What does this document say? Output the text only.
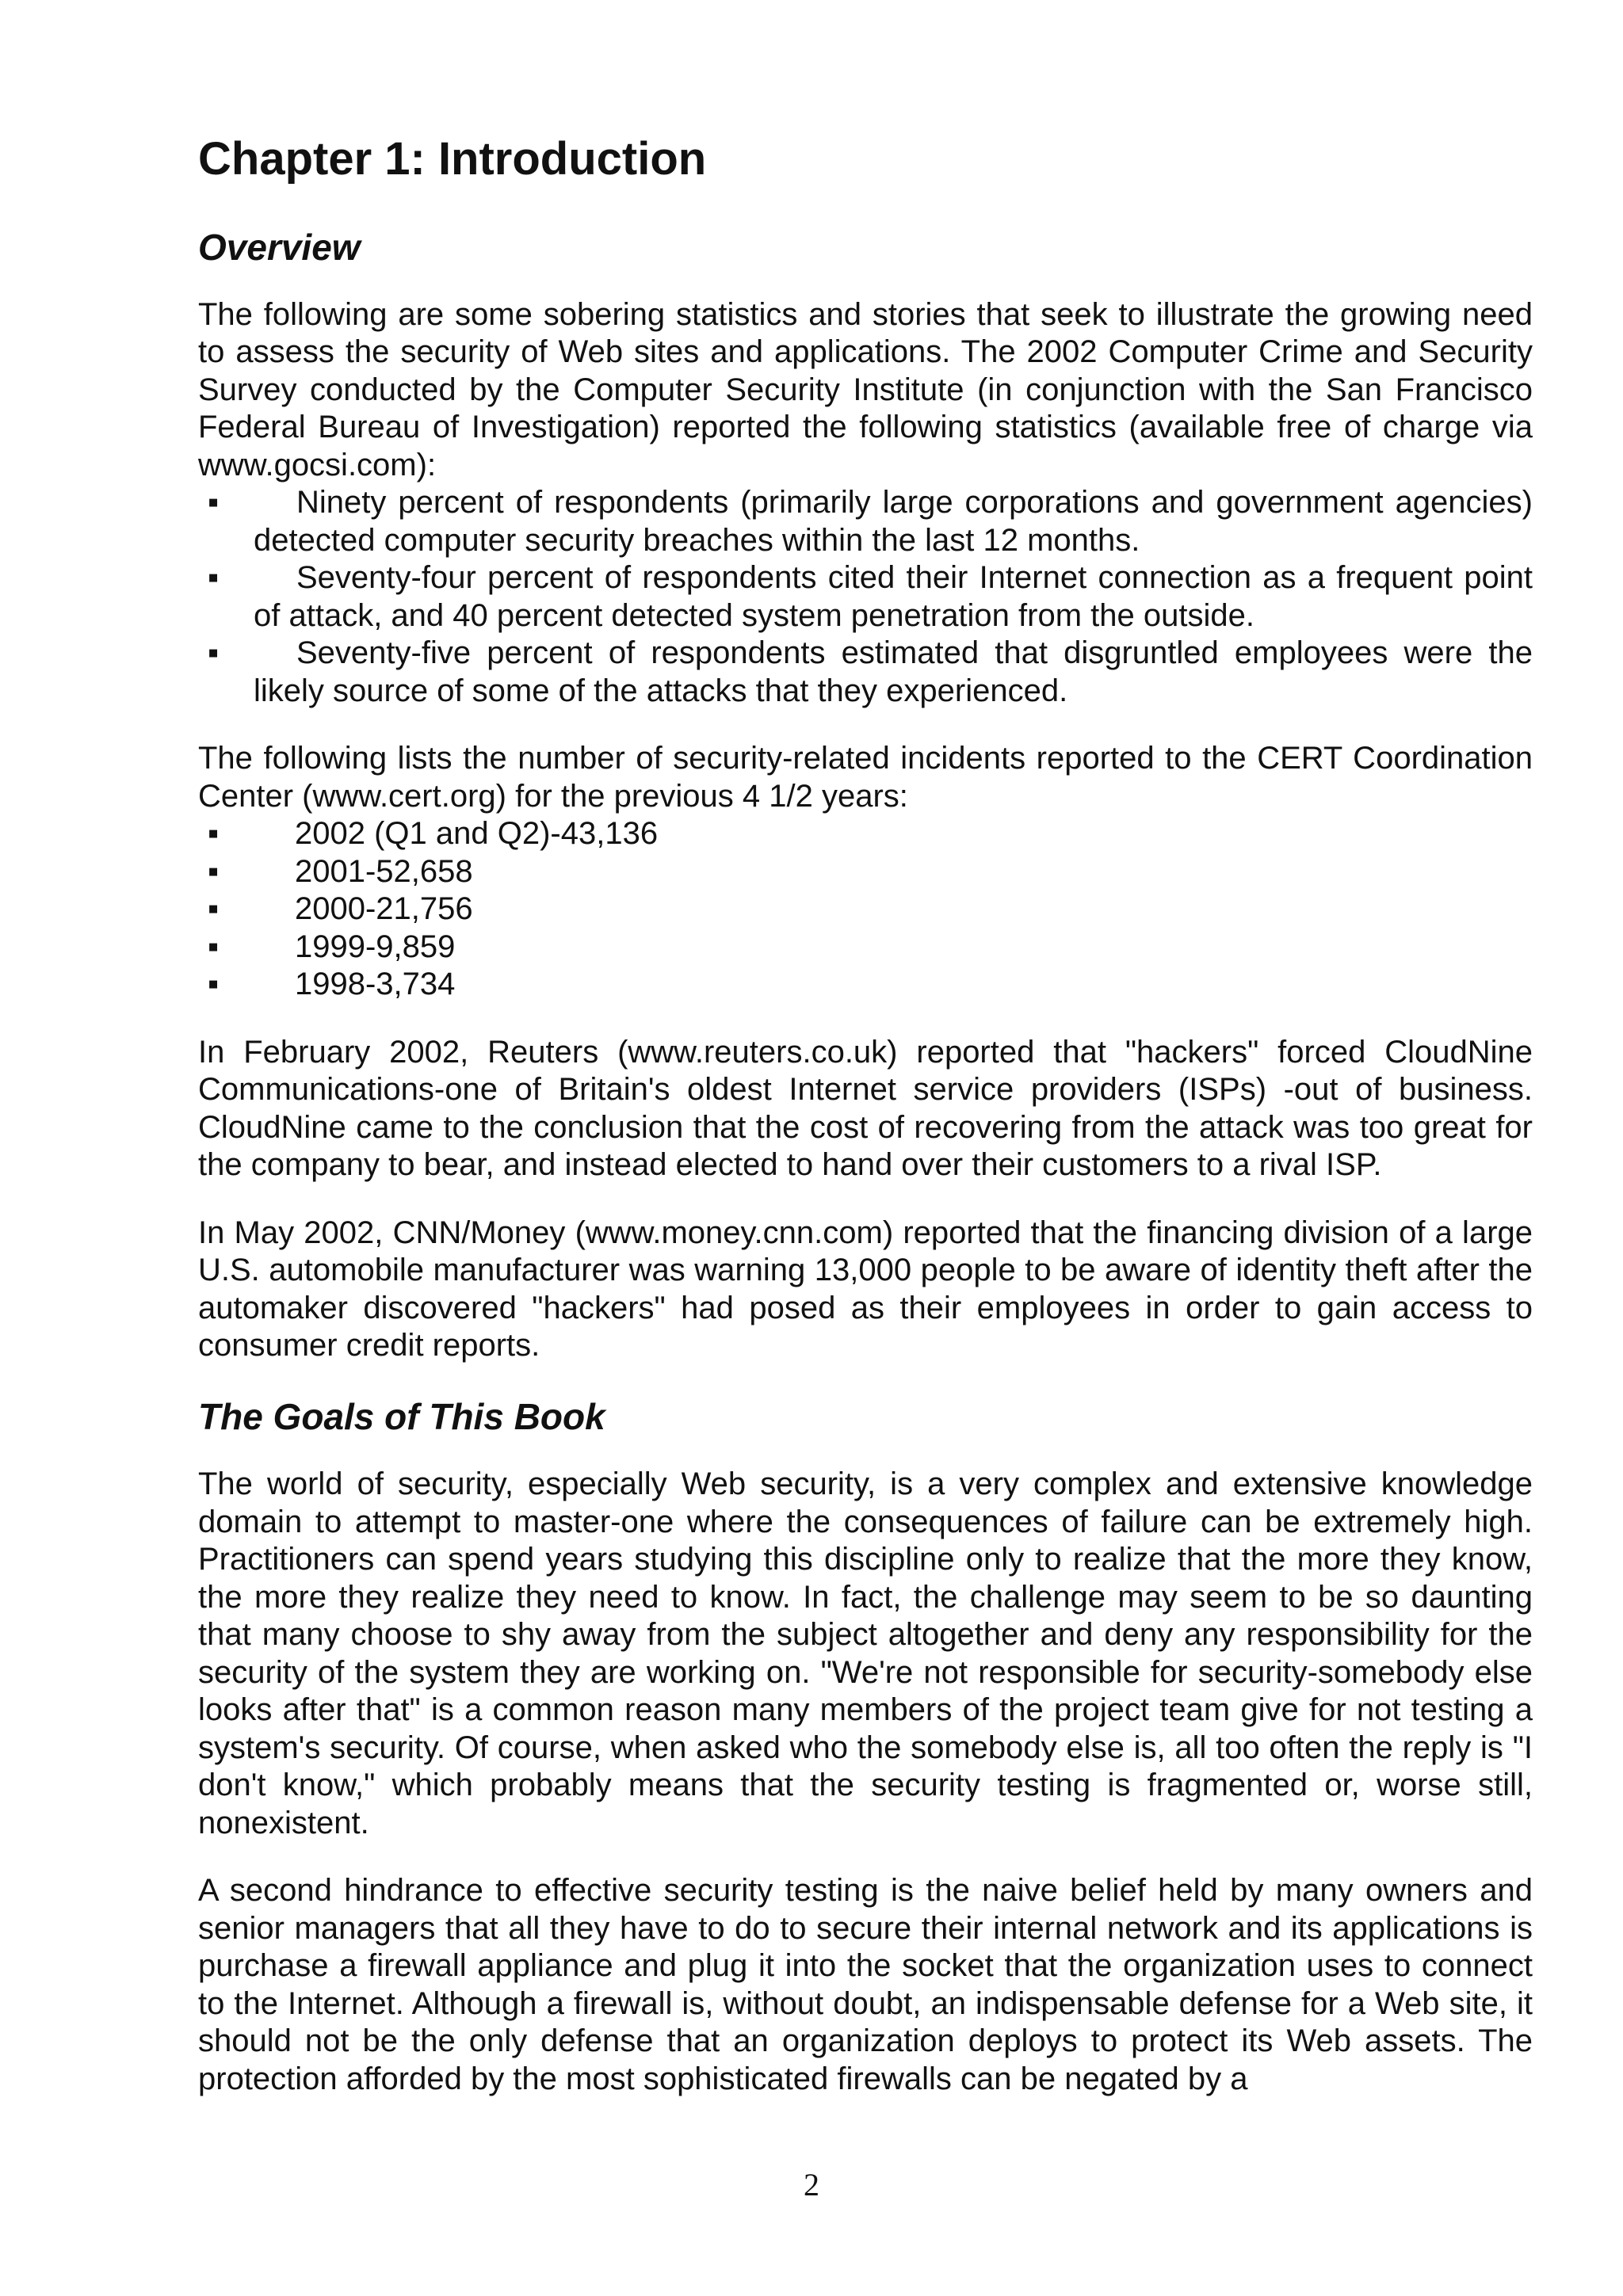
Chapter 1: Introduction
Overview

The following are some sobering statistics and stories that seek to illustrate the growing need to assess the security of Web sites and applications. The 2002 Computer Crime and Security Survey conducted by the Computer Security Institute (in conjunction with the San Francisco Federal Bureau of Investigation) reported the following statistics (available free of charge via www.gocsi.com):

▪ Ninety percent of respondents (primarily large corporations and government agencies) detected computer security breaches within the last 12 months.
▪ Seventy-four percent of respondents cited their Internet connection as a frequent point of attack, and 40 percent detected system penetration from the outside.
▪ Seventy-five percent of respondents estimated that disgruntled employees were the likely source of some of the attacks that they experienced.

The following lists the number of security-related incidents reported to the CERT Coordination Center (www.cert.org) for the previous 4 1/2 years:

▪ 2002 (Q1 and Q2)-43,136
▪ 2001-52,658
▪ 2000-21,756
▪ 1999-9,859
▪ 1998-3,734

In February 2002, Reuters (www.reuters.co.uk) reported that "hackers" forced CloudNine Communications-one of Britain's oldest Internet service providers (ISPs) -out of business. CloudNine came to the conclusion that the cost of recovering from the attack was too great for the company to bear, and instead elected to hand over their customers to a rival ISP.

In May 2002, CNN/Money (www.money.cnn.com) reported that the financing division of a large U.S. automobile manufacturer was warning 13,000 people to be aware of identity theft after the automaker discovered "hackers" had posed as their employees in order to gain access to consumer credit reports.

The Goals of This Book

The world of security, especially Web security, is a very complex and extensive knowledge domain to attempt to master-one where the consequences of failure can be extremely high. Practitioners can spend years studying this discipline only to realize that the more they know, the more they realize they need to know. In fact, the challenge may seem to be so daunting that many choose to shy away from the subject altogether and deny any responsibility for the security of the system they are working on. "We're not responsible for security-somebody else looks after that" is a common reason many members of the project team give for not testing a system's security. Of course, when asked who the somebody else is, all too often the reply is "I don't know," which probably means that the security testing is fragmented or, worse still, nonexistent.

A second hindrance to effective security testing is the naive belief held by many owners and senior managers that all they have to do to secure their internal network and its applications is purchase a firewall appliance and plug it into the socket that the organization uses to connect to the Internet. Although a firewall is, without doubt, an indispensable defense for a Web site, it should not be the only defense that an organization deploys to protect its Web assets. The protection afforded by the most sophisticated firewalls can be negated by a

2
